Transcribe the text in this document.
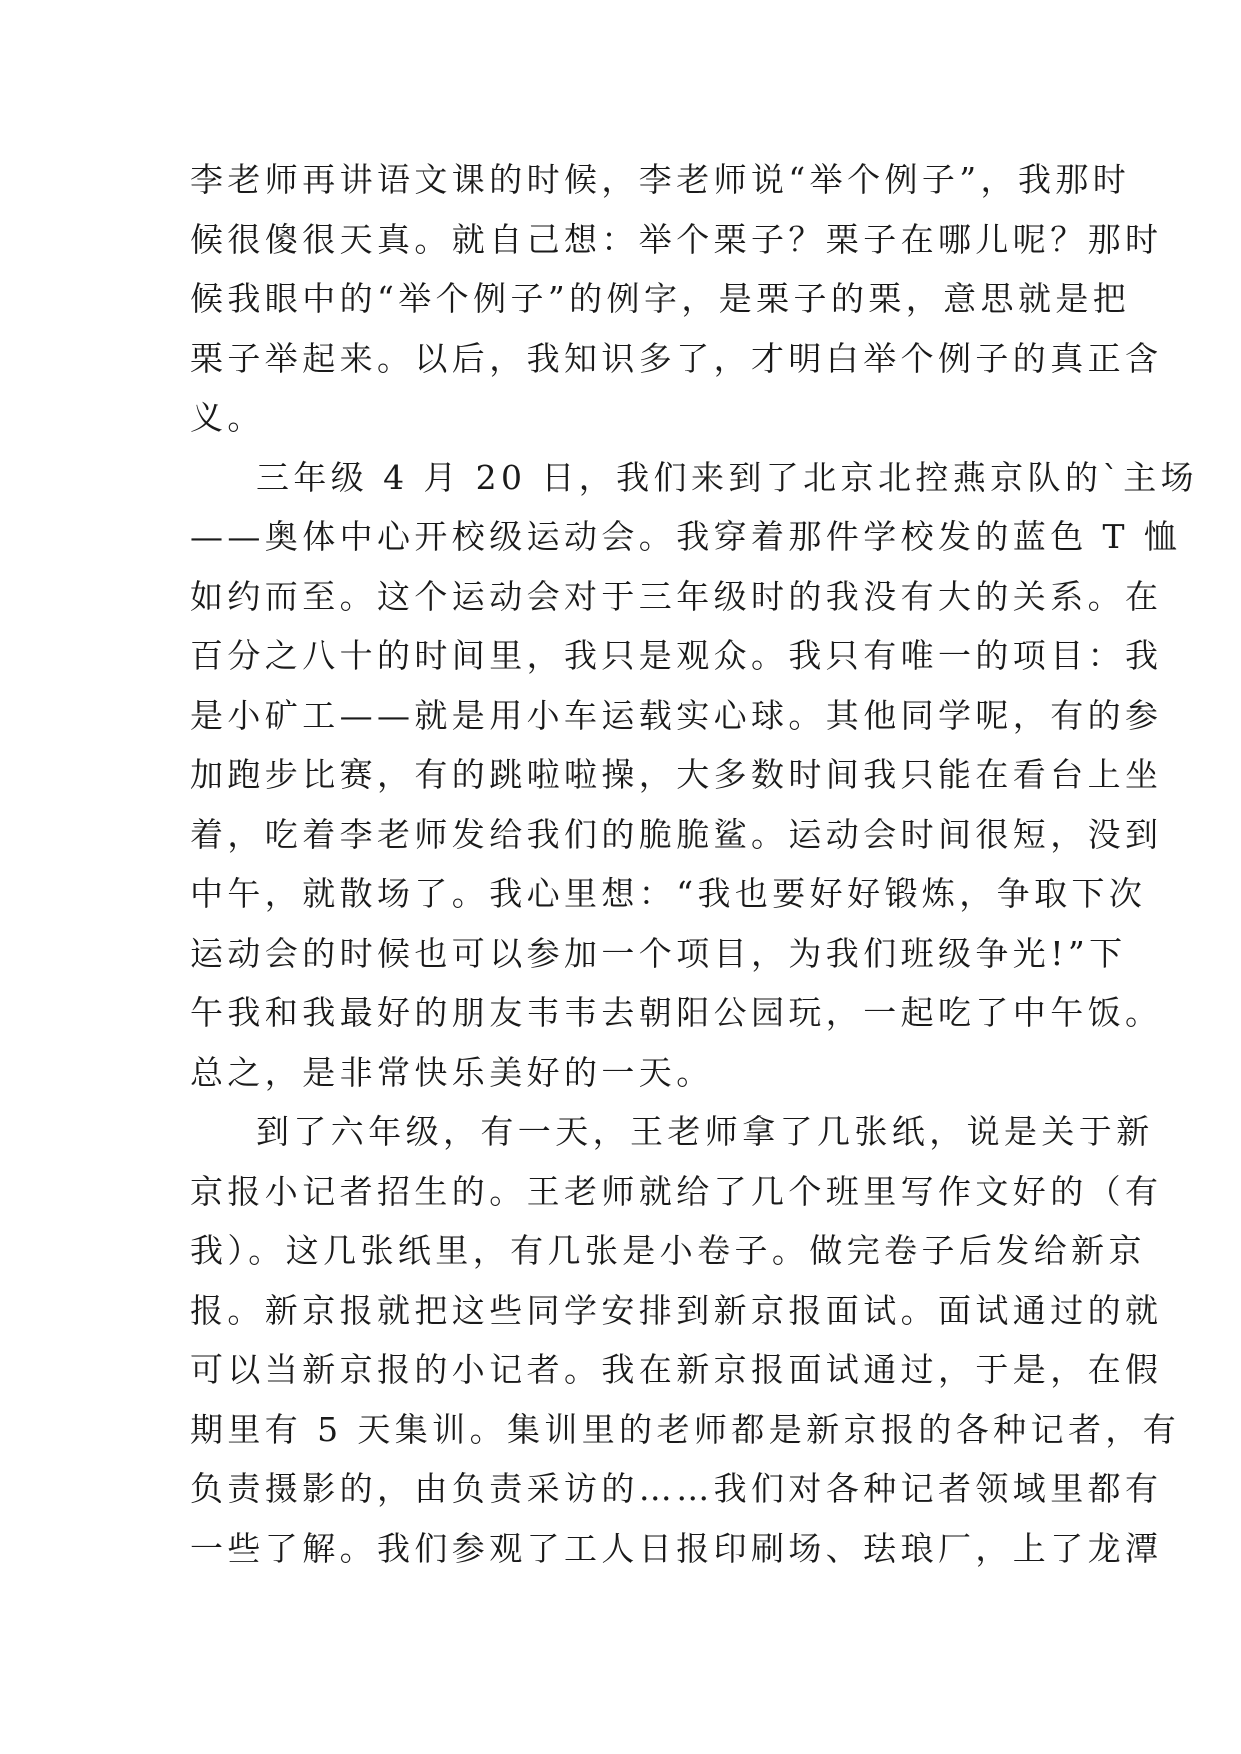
李老师再讲语文课的时候，李老师说“举个例子”，我那时
候很傻很天真。就自己想：举个栗子？栗子在哪儿呢？那时
候我眼中的“举个例子”的例字，是栗子的栗，意思就是把
栗子举起来。以后，我知识多了，才明白举个例子的真正含
义。
三年级 4 月 20 日，我们来到了北京北控燕京队的`主场
——奥体中心开校级运动会。我穿着那件学校发的蓝色 T 恤
如约而至。这个运动会对于三年级时的我没有大的关系。在
百分之八十的时间里，我只是观众。我只有唯一的项目：我
是小矿工——就是用小车运载实心球。其他同学呢，有的参
加跑步比赛，有的跳啦啦操，大多数时间我只能在看台上坐
着，吃着李老师发给我们的脆脆鲨。运动会时间很短，没到
中午，就散场了。我心里想：“我也要好好锻炼，争取下次
运动会的时候也可以参加一个项目，为我们班级争光!”下
午我和我最好的朋友韦韦去朝阳公园玩，一起吃了中午饭。
总之，是非常快乐美好的一天。
到了六年级，有一天，王老师拿了几张纸，说是关于新
京报小记者招生的。王老师就给了几个班里写作文好的（有
我）。这几张纸里，有几张是小卷子。做完卷子后发给新京
报。新京报就把这些同学安排到新京报面试。面试通过的就
可以当新京报的小记者。我在新京报面试通过，于是，在假
期里有 5 天集训。集训里的老师都是新京报的各种记者，有
负责摄影的，由负责采访的……我们对各种记者领域里都有
一些了解。我们参观了工人日报印刷场、珐琅厂，上了龙潭
